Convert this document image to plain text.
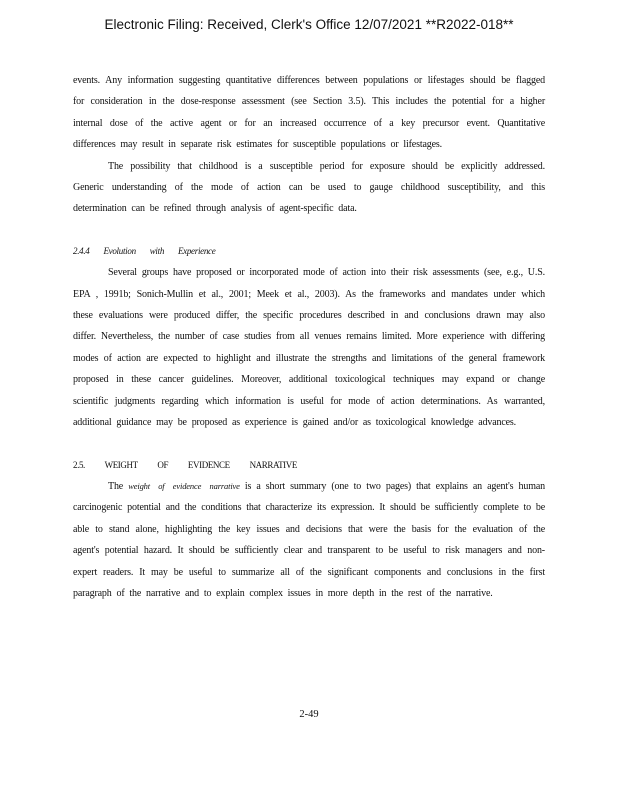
Electronic Filing: Received, Clerk's Office 12/07/2021 **R2022-018**

events. Any information suggesting quantitative differences between populations or lifestages should be flagged for consideration in the dose-response assessment (see Section 3.5). This includes the potential for a higher internal dose of the active agent or for an increased occurrence of a key precursor event. Quantitative differences may result in separate risk estimates for susceptible populations or lifestages.

The possibility that childhood is a susceptible period for exposure should be explicitly addressed. Generic understanding of the mode of action can be used to gauge childhood susceptibility, and this determination can be refined through analysis of agent-specific data.

2.4.4 Evolution with Experience

Several groups have proposed or incorporated mode of action into their risk assessments (see, e.g., U.S. EPA , 1991b; Sonich-Mullin et al., 2001; Meek et al., 2003). As the frameworks and mandates under which these evaluations were produced differ, the specific procedures described in and conclusions drawn may also differ. Nevertheless, the number of case studies from all venues remains limited. More experience with differing modes of action are expected to highlight and illustrate the strengths and limitations of the general framework proposed in these cancer guidelines. Moreover, additional toxicological techniques may expand or change scientific judgments regarding which information is useful for mode of action determinations. As warranted, additional guidance may be proposed as experience is gained and/or as toxicological knowledge advances.

2.5. WEIGHT OF EVIDENCE NARRATIVE

The weight of evidence narrative is a short summary (one to two pages) that explains an agent's human carcinogenic potential and the conditions that characterize its expression. It should be sufficiently complete to be able to stand alone, highlighting the key issues and decisions that were the basis for the evaluation of the agent's potential hazard. It should be sufficiently clear and transparent to be useful to risk managers and non-expert readers. It may be useful to summarize all of the significant components and conclusions in the first paragraph of the narrative and to explain complex issues in more depth in the rest of the narrative.

2-49
